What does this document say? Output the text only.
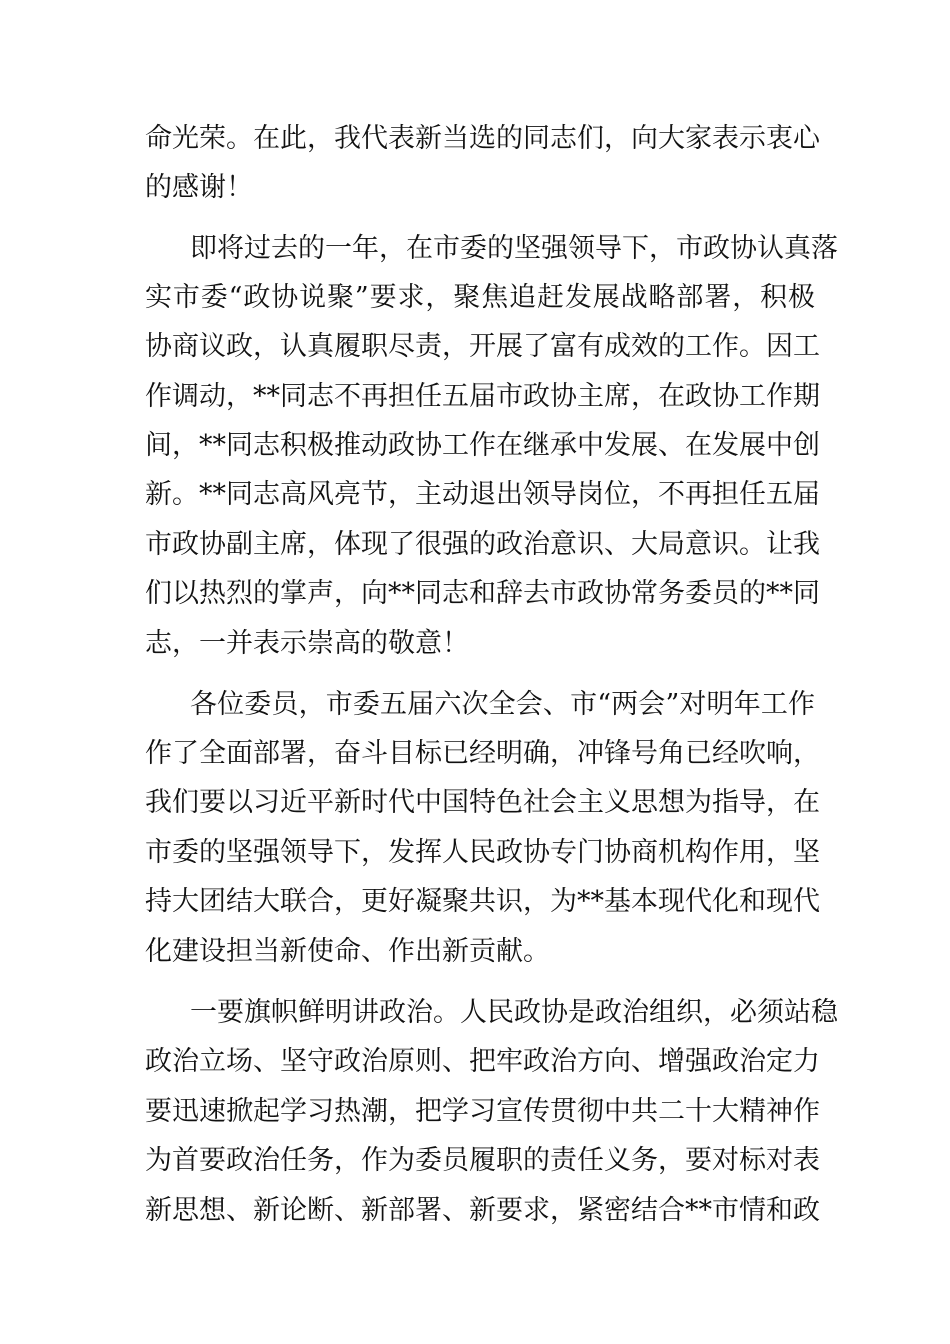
命光荣。在此，我代表新当选的同志们，向大家表示衷心
的感谢！
即将过去的一年，在市委的坚强领导下，市政协认真落
实市委“政协说聚”要求，聚焦追赶发展战略部署，积极
协商议政，认真履职尽责，开展了富有成效的工作。因工
作调动，**同志不再担任五届市政协主席，在政协工作期
间，**同志积极推动政协工作在继承中发展、在发展中创
新。**同志高风亮节，主动退出领导岗位，不再担任五届
市政协副主席，体现了很强的政治意识、大局意识。让我
们以热烈的掌声，向**同志和辞去市政协常务委员的**同
志，一并表示崇高的敬意！
各位委员，市委五届六次全会、市“两会”对明年工作
作了全面部署，奋斗目标已经明确，冲锋号角已经吹响，
我们要以习近平新时代中国特色社会主义思想为指导，在
市委的坚强领导下，发挥人民政协专门协商机构作用，坚
持大团结大联合，更好凝聚共识，为**基本现代化和现代
化建设担当新使命、作出新贡献。
一要旗帜鲜明讲政治。人民政协是政治组织，必须站稳
政治立场、坚守政治原则、把牢政治方向、增强政治定力
要迅速掀起学习热潮，把学习宣传贯彻中共二十大精神作
为首要政治任务，作为委员履职的责任义务，要对标对表
新思想、新论断、新部署、新要求，紧密结合**市情和政
